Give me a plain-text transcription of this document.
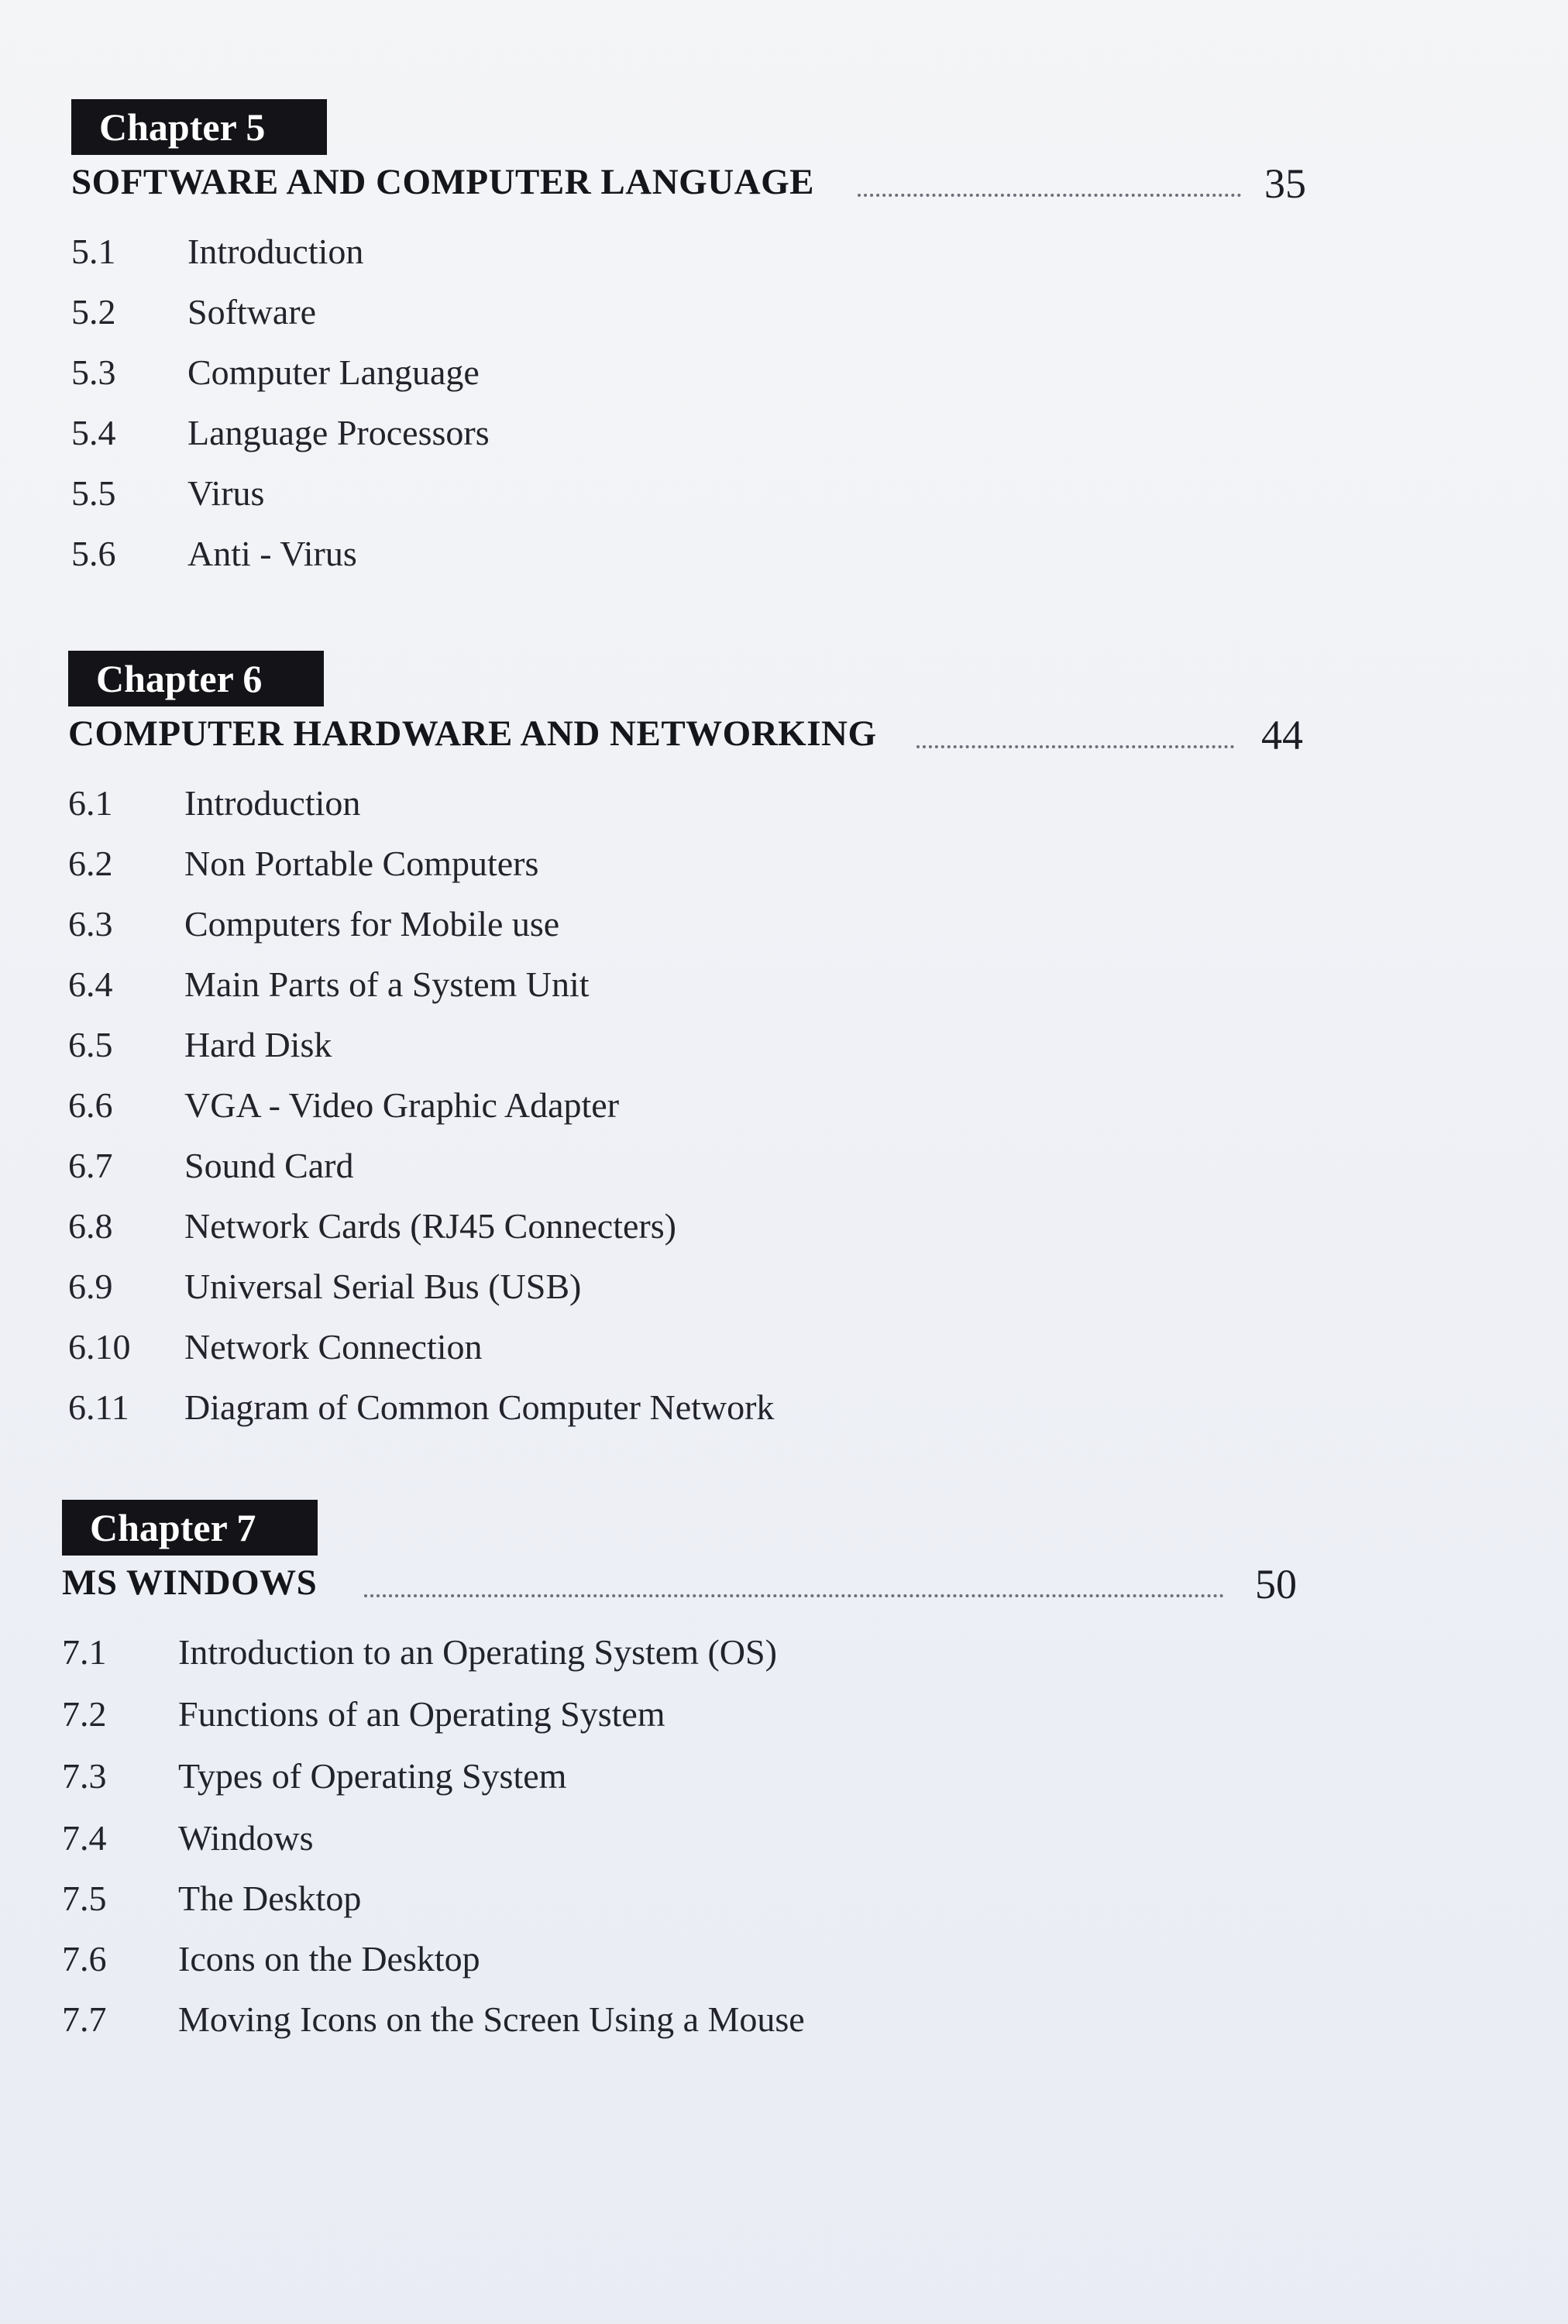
Chapter 5
SOFTWARE AND COMPUTER LANGUAGE	35
5.1 Introduction
5.2 Software
5.3 Computer Language
5.4 Language Processors
5.5 Virus
5.6 Anti - Virus
Chapter 6
COMPUTER HARDWARE AND NETWORKING	44
6.1 Introduction
6.2 Non Portable Computers
6.3 Computers for Mobile use
6.4 Main Parts of a System Unit
6.5 Hard Disk
6.6 VGA - Video Graphic Adapter
6.7 Sound Card
6.8 Network Cards (RJ45 Connecters)
6.9 Universal Serial Bus (USB)
6.10 Network Connection
6.11 Diagram of Common Computer Network
Chapter 7
MS WINDOWS	50
7.1 Introduction to an Operating System (OS)
7.2 Functions of an Operating System
7.3 Types of Operating System
7.4 Windows
7.5 The Desktop
7.6 Icons on the Desktop
7.7 Moving Icons on the Screen Using a Mouse
